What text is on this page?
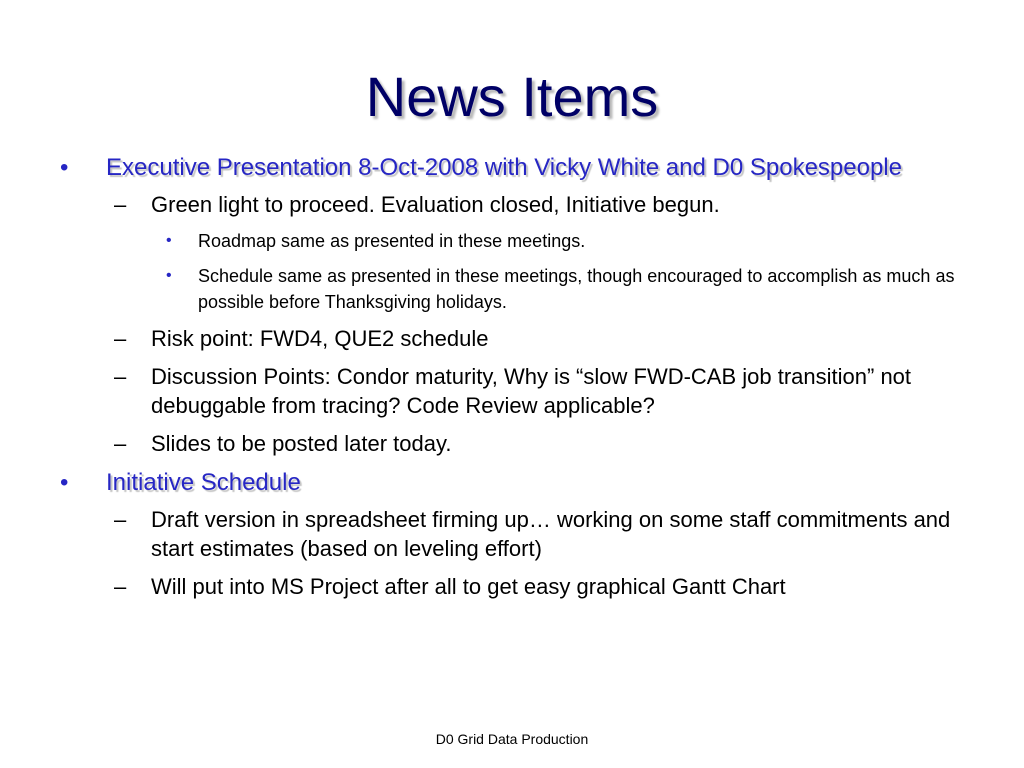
News Items
• Executive Presentation 8-Oct-2008 with Vicky White and D0 Spokespeople
– Green light to proceed. Evaluation closed, Initiative begun.
• Roadmap same as presented in these meetings.
• Schedule same as presented in these meetings, though encouraged to accomplish as much as possible before Thanksgiving holidays.
– Risk point: FWD4, QUE2 schedule
– Discussion Points: Condor maturity, Why is “slow FWD-CAB job transition” not debuggable from tracing? Code Review applicable?
– Slides to be posted later today.
• Initiative Schedule
– Draft version in spreadsheet firming up… working on some staff commitments and start estimates (based on leveling effort)
– Will put into MS Project after all to get easy graphical Gantt Chart
D0 Grid Data Production
